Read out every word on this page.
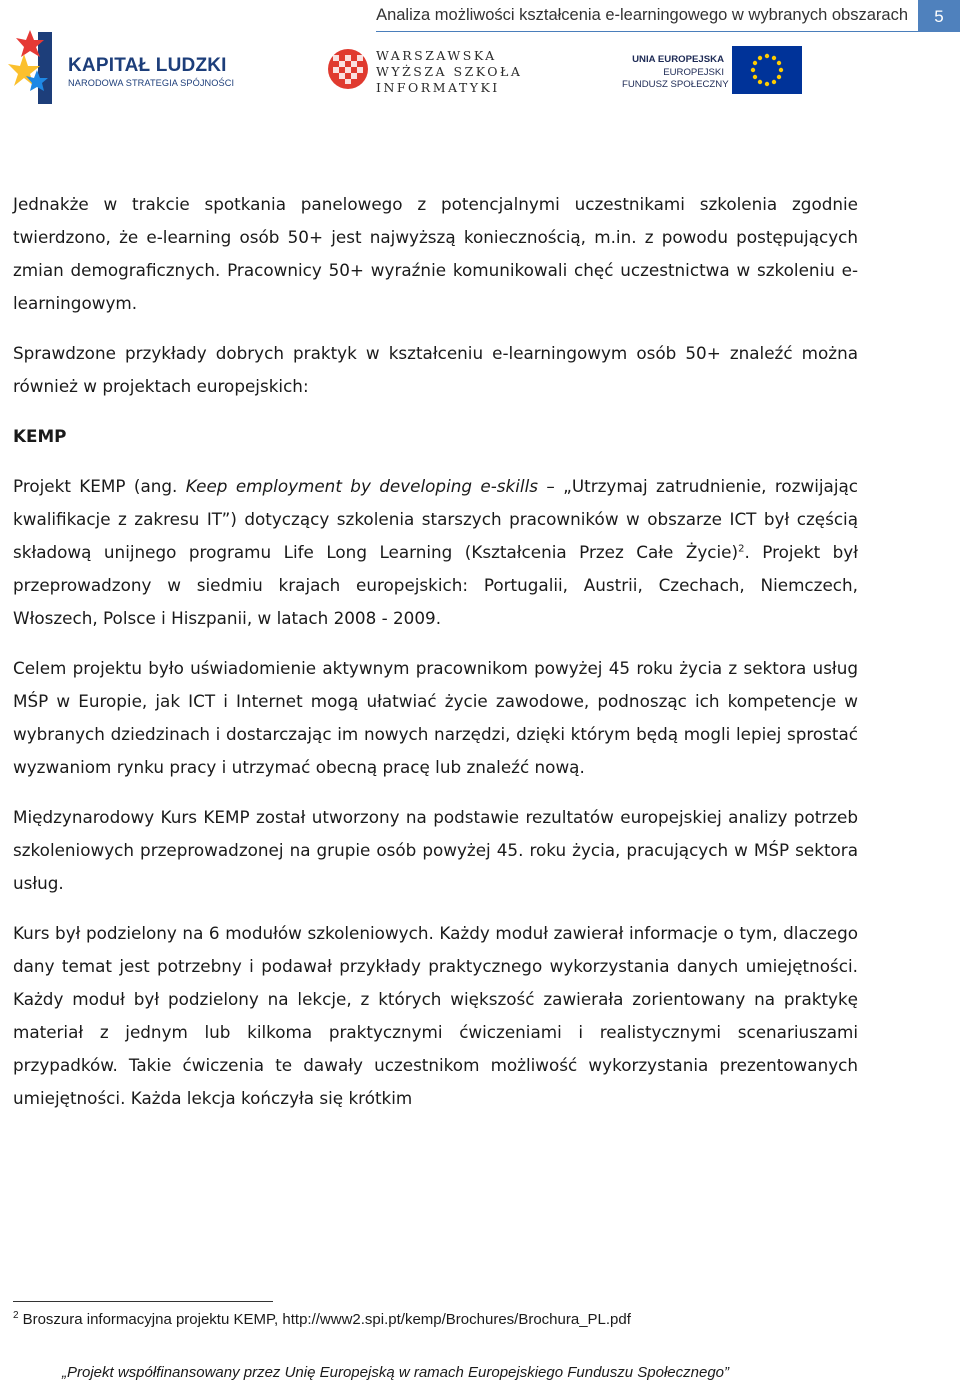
Analiza możliwości kształcenia e-learningowego w wybranych obszarach	5
KAPITAŁ LUDZKI
NARODOWA STRATEGIA SPÓJNOŚCI
WARSZAWSKA
WYŻSZA SZKOŁA
INFORMATYKI
UNIA EUROPEJSKA
EUROPEJSKI
FUNDUSZ SPOŁECZNY

Jednakże w trakcie spotkania panelowego z potencjalnymi uczestnikami szkolenia zgodnie twierdzono, że e-learning osób 50+ jest najwyższą koniecznością, m.in. z powodu postępujących zmian demograficznych. Pracownicy 50+ wyraźnie komunikowali chęć uczestnictwa w szkoleniu e-learningowym.

Sprawdzone przykłady dobrych praktyk w kształceniu e-learningowym osób 50+ znaleźć można również w projektach europejskich:

KEMP

Projekt KEMP (ang. Keep employment by developing e-skills – „Utrzymaj zatrudnienie, rozwijając kwalifikacje z zakresu IT”) dotyczący szkolenia starszych pracowników w obszarze ICT był częścią składową unijnego programu Life Long Learning (Kształcenia Przez Całe Życie)$^2$. Projekt był przeprowadzony w siedmiu krajach europejskich: Portugalii, Austrii, Czechach, Niemczech, Włoszech, Polsce i Hiszpanii, w latach 2008 - 2009.

Celem projektu było uświadomienie aktywnym pracownikom powyżej 45 roku życia z sektora usług MŚP w Europie, jak ICT i Internet mogą ułatwiać życie zawodowe, podnosząc ich kompetencje w wybranych dziedzinach i dostarczając im nowych narzędzi, dzięki którym będą mogli lepiej sprostać wyzwaniom rynku pracy i utrzymać obecną pracę lub znaleźć nową.

Międzynarodowy Kurs KEMP został utworzony na podstawie rezultatów europejskiej analizy potrzeb szkoleniowych przeprowadzonej na grupie osób powyżej 45. roku życia, pracujących w MŚP sektora usług.

Kurs był podzielony na 6 modułów szkoleniowych. Każdy moduł zawierał informacje o tym, dlaczego dany temat jest potrzebny i podawał przykłady praktycznego wykorzystania danych umiejętności. Każdy moduł był podzielony na lekcje, z których większość zawierała zorientowany na praktykę materiał z jednym lub kilkoma praktycznymi ćwiczeniami i realistycznymi scenariuszami przypadków. Takie ćwiczenia te dawały uczestnikom możliwość wykorzystania prezentowanych umiejętności. Każda lekcja kończyła się krótkim

$^2$ Broszura informacyjna projektu KEMP, http://www2.spi.pt/kemp/Brochures/Brochura_PL.pdf
„Projekt współfinansowany przez Unię Europejską w ramach Europejskiego Funduszu Społecznego”
